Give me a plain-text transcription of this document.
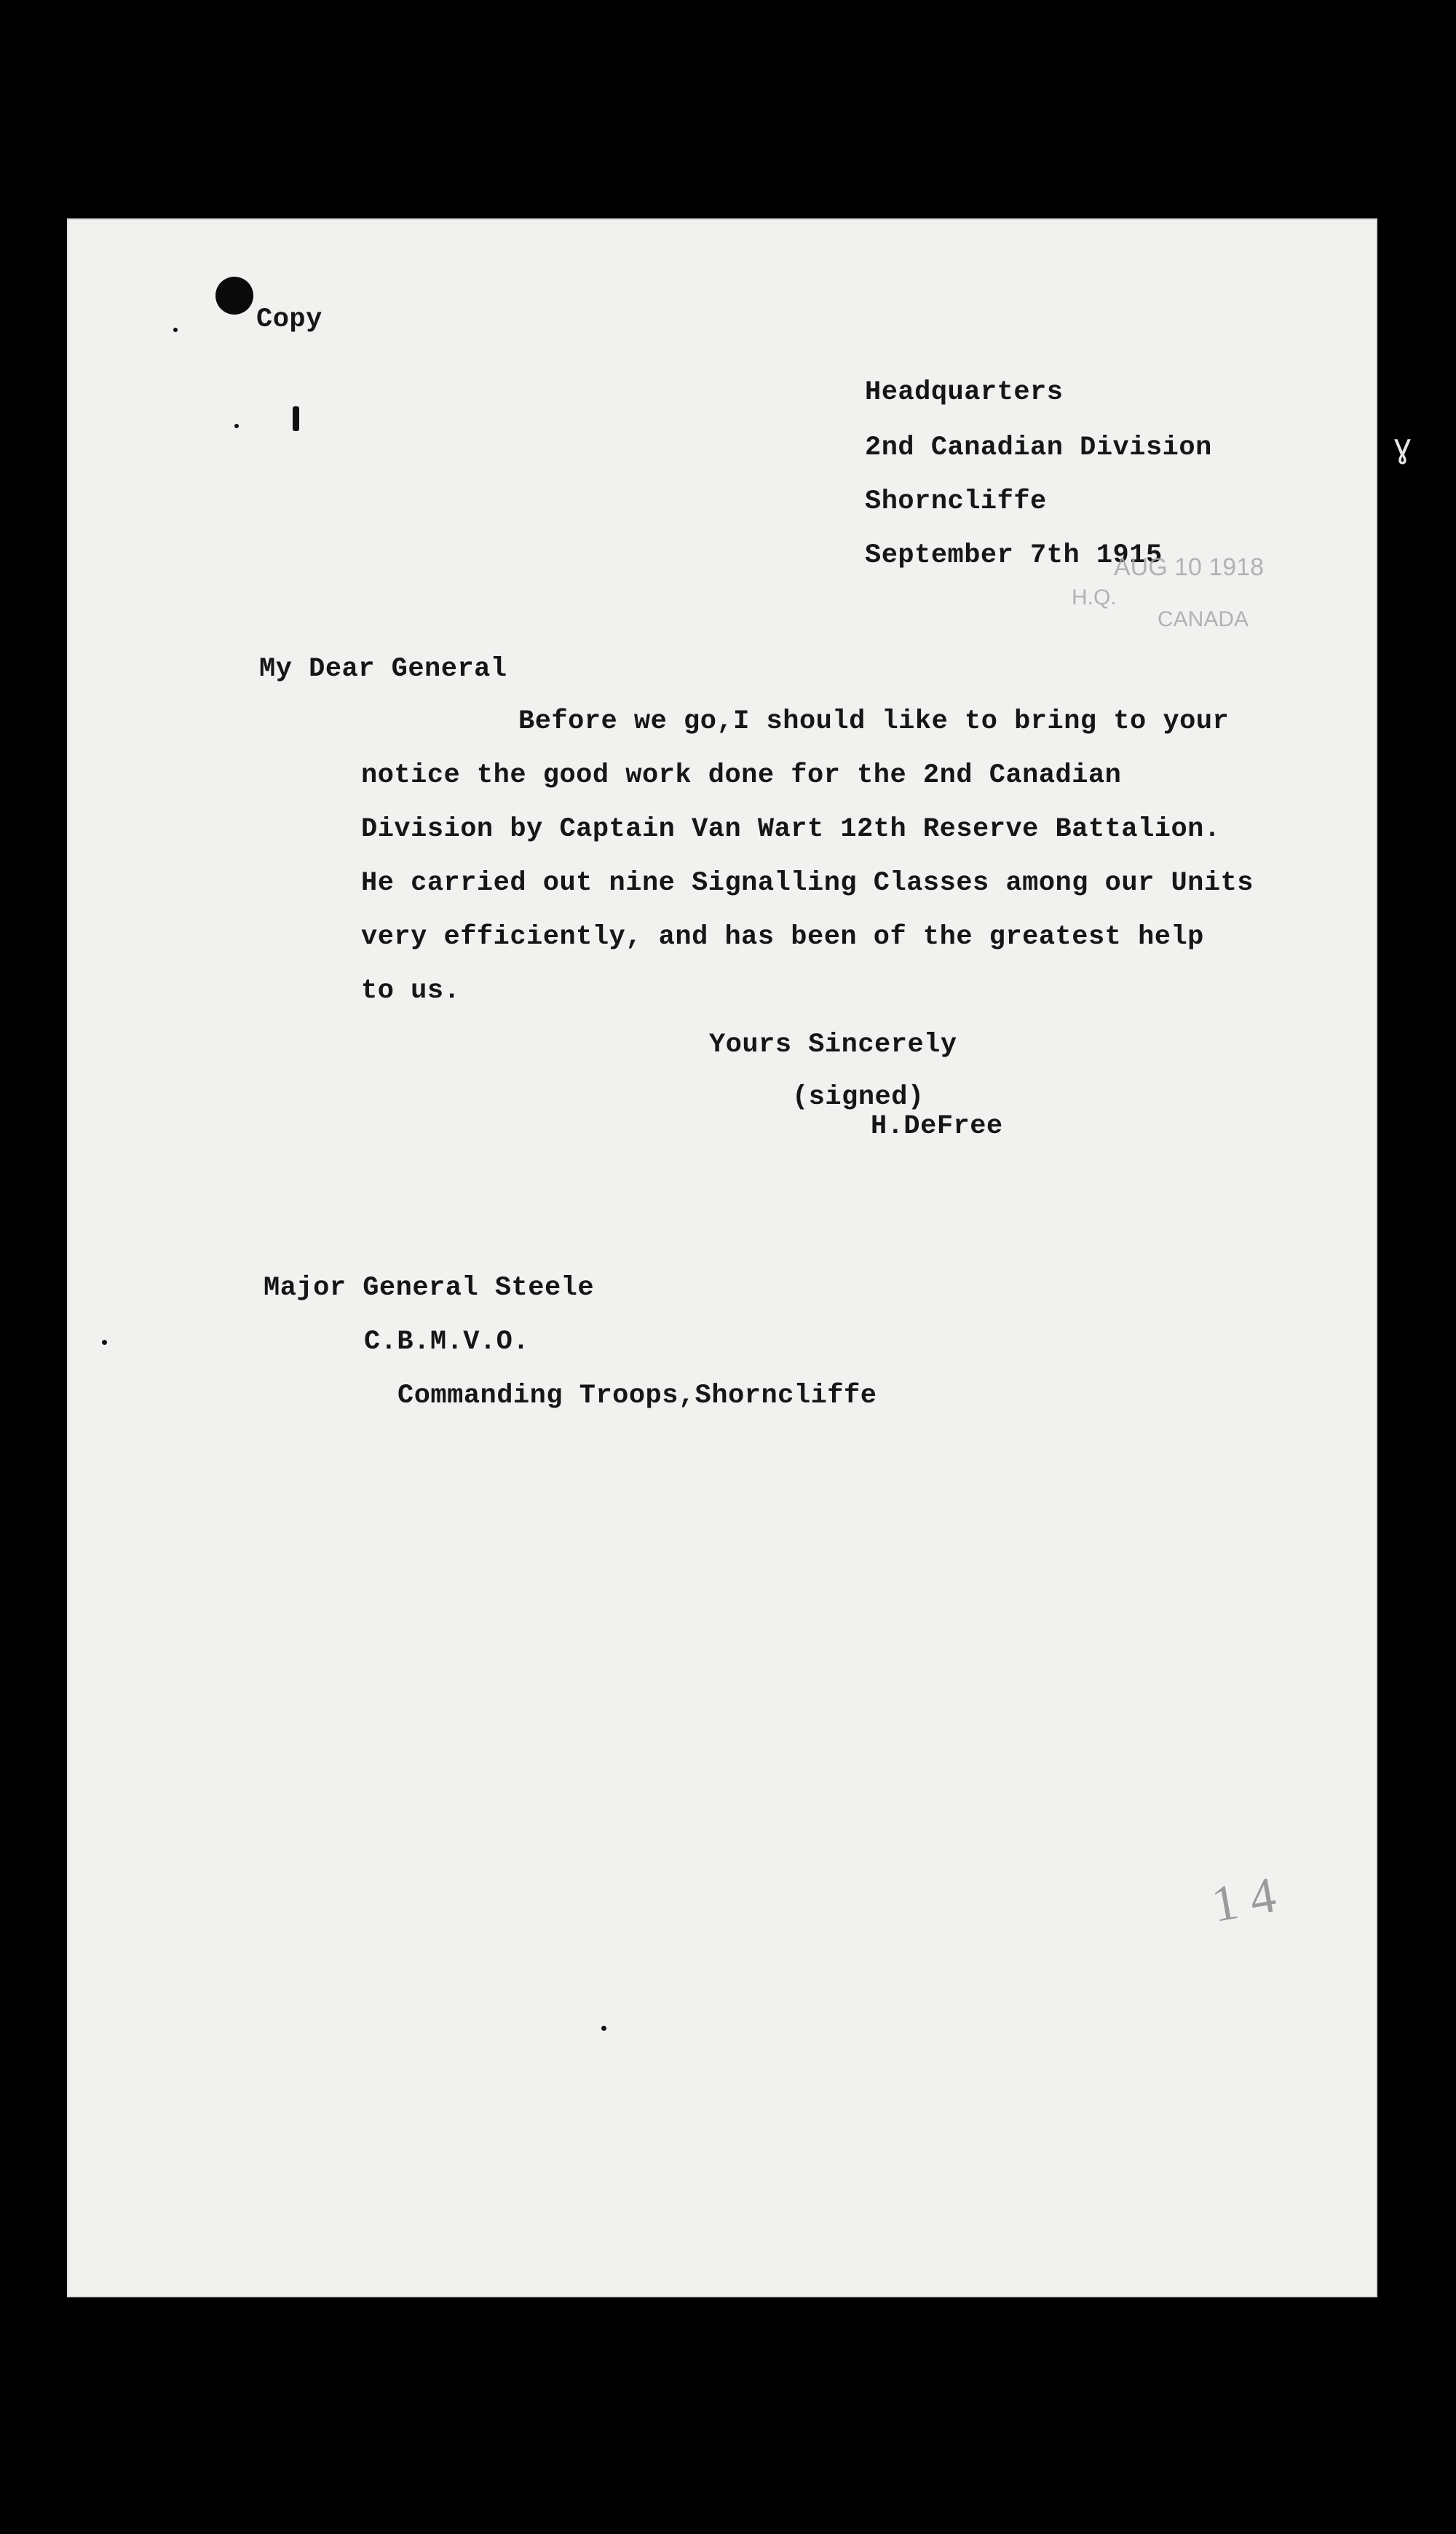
Copy
Headquarters
2nd Canadian Division
Shorncliffe
September 7th 1915
AUG 10 1918
H.Q.
CANADA
ɣ
My Dear General
Before we go,I should like to bring to your
notice the good work done for the 2nd Canadian
Division by Captain Van Wart 12th Reserve Battalion.
He carried out nine Signalling Classes among our Units
very efficiently, and has been of the greatest help
to us.
Yours Sincerely
(signed)
H.DeFree
Major General Steele
C.B.M.V.O.
Commanding Troops,Shorncliffe
1 4
